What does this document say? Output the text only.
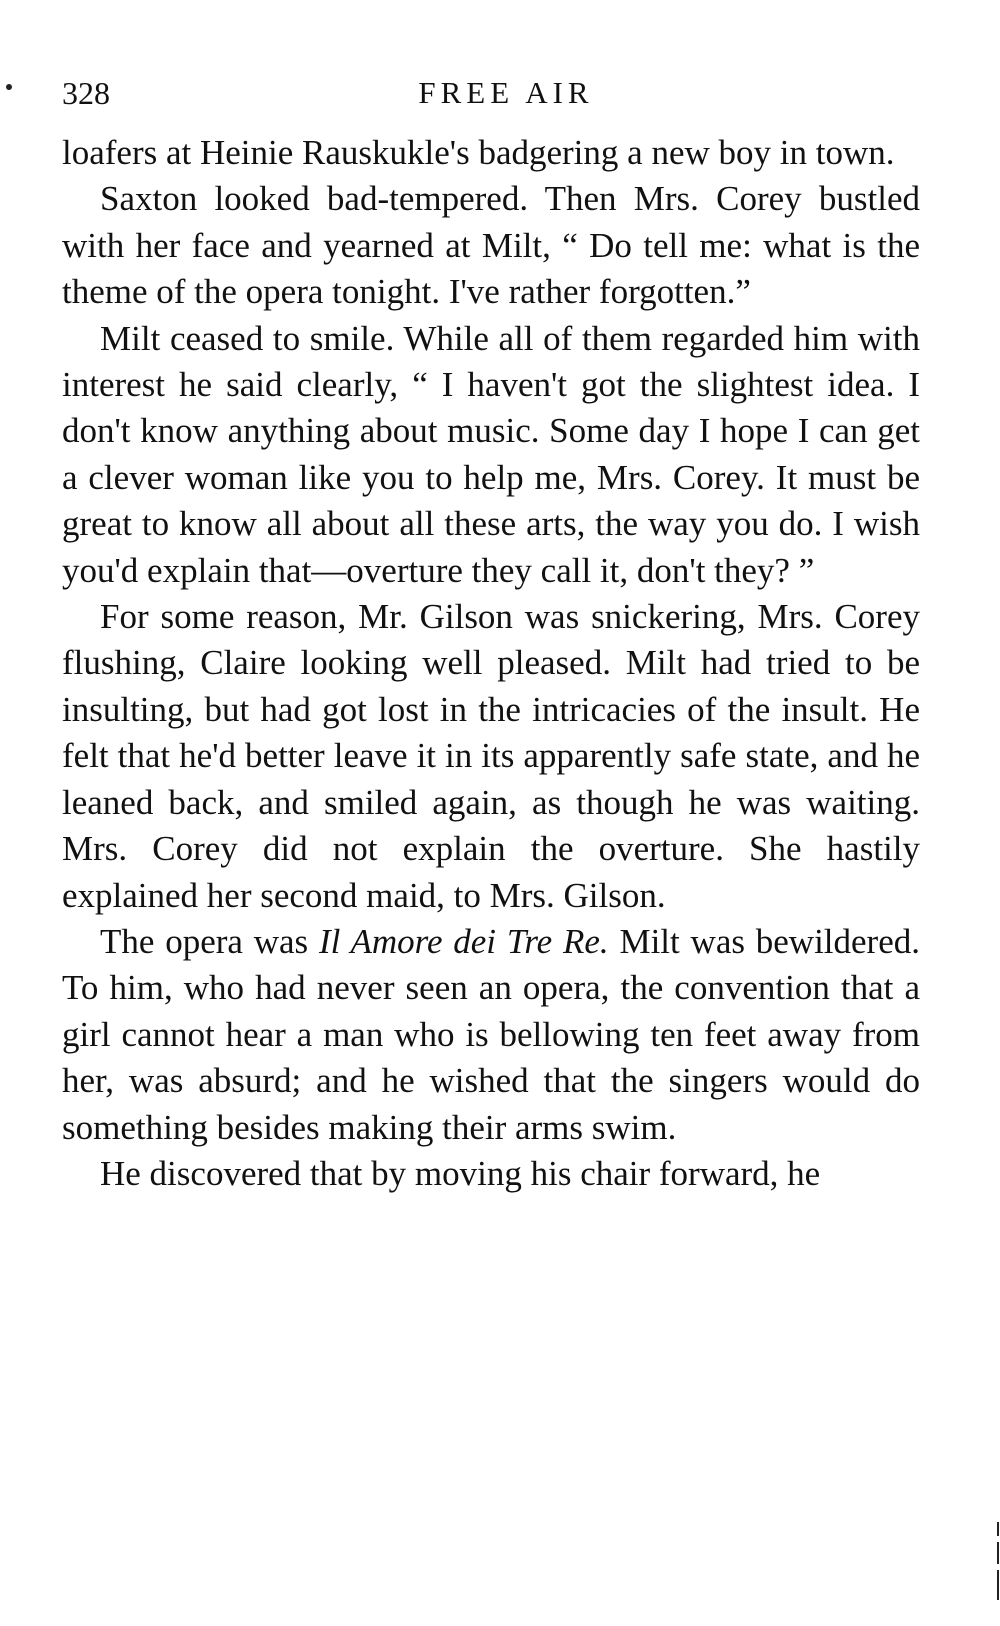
328	FREE AIR

loafers at Heinie Rauskukle's badgering a new boy in town.

Saxton looked bad-tempered. Then Mrs. Corey bustled with her face and yearned at Milt, “ Do tell me: what is the theme of the opera tonight. I've rather forgotten.”

Milt ceased to smile. While all of them regarded him with interest he said clearly, “ I haven't got the slightest idea. I don't know anything about music. Some day I hope I can get a clever woman like you to help me, Mrs. Corey. It must be great to know all about all these arts, the way you do. I wish you'd explain that—overture they call it, don't they? ”

For some reason, Mr. Gilson was snickering, Mrs. Corey flushing, Claire looking well pleased. Milt had tried to be insulting, but had got lost in the intricacies of the insult. He felt that he'd better leave it in its apparently safe state, and he leaned back, and smiled again, as though he was waiting. Mrs. Corey did not explain the overture. She hastily explained her second maid, to Mrs. Gilson.

The opera was Il Amore dei Tre Re. Milt was bewildered. To him, who had never seen an opera, the convention that a girl cannot hear a man who is bellowing ten feet away from her, was absurd; and he wished that the singers would do something besides making their arms swim.

He discovered that by moving his chair forward, he
